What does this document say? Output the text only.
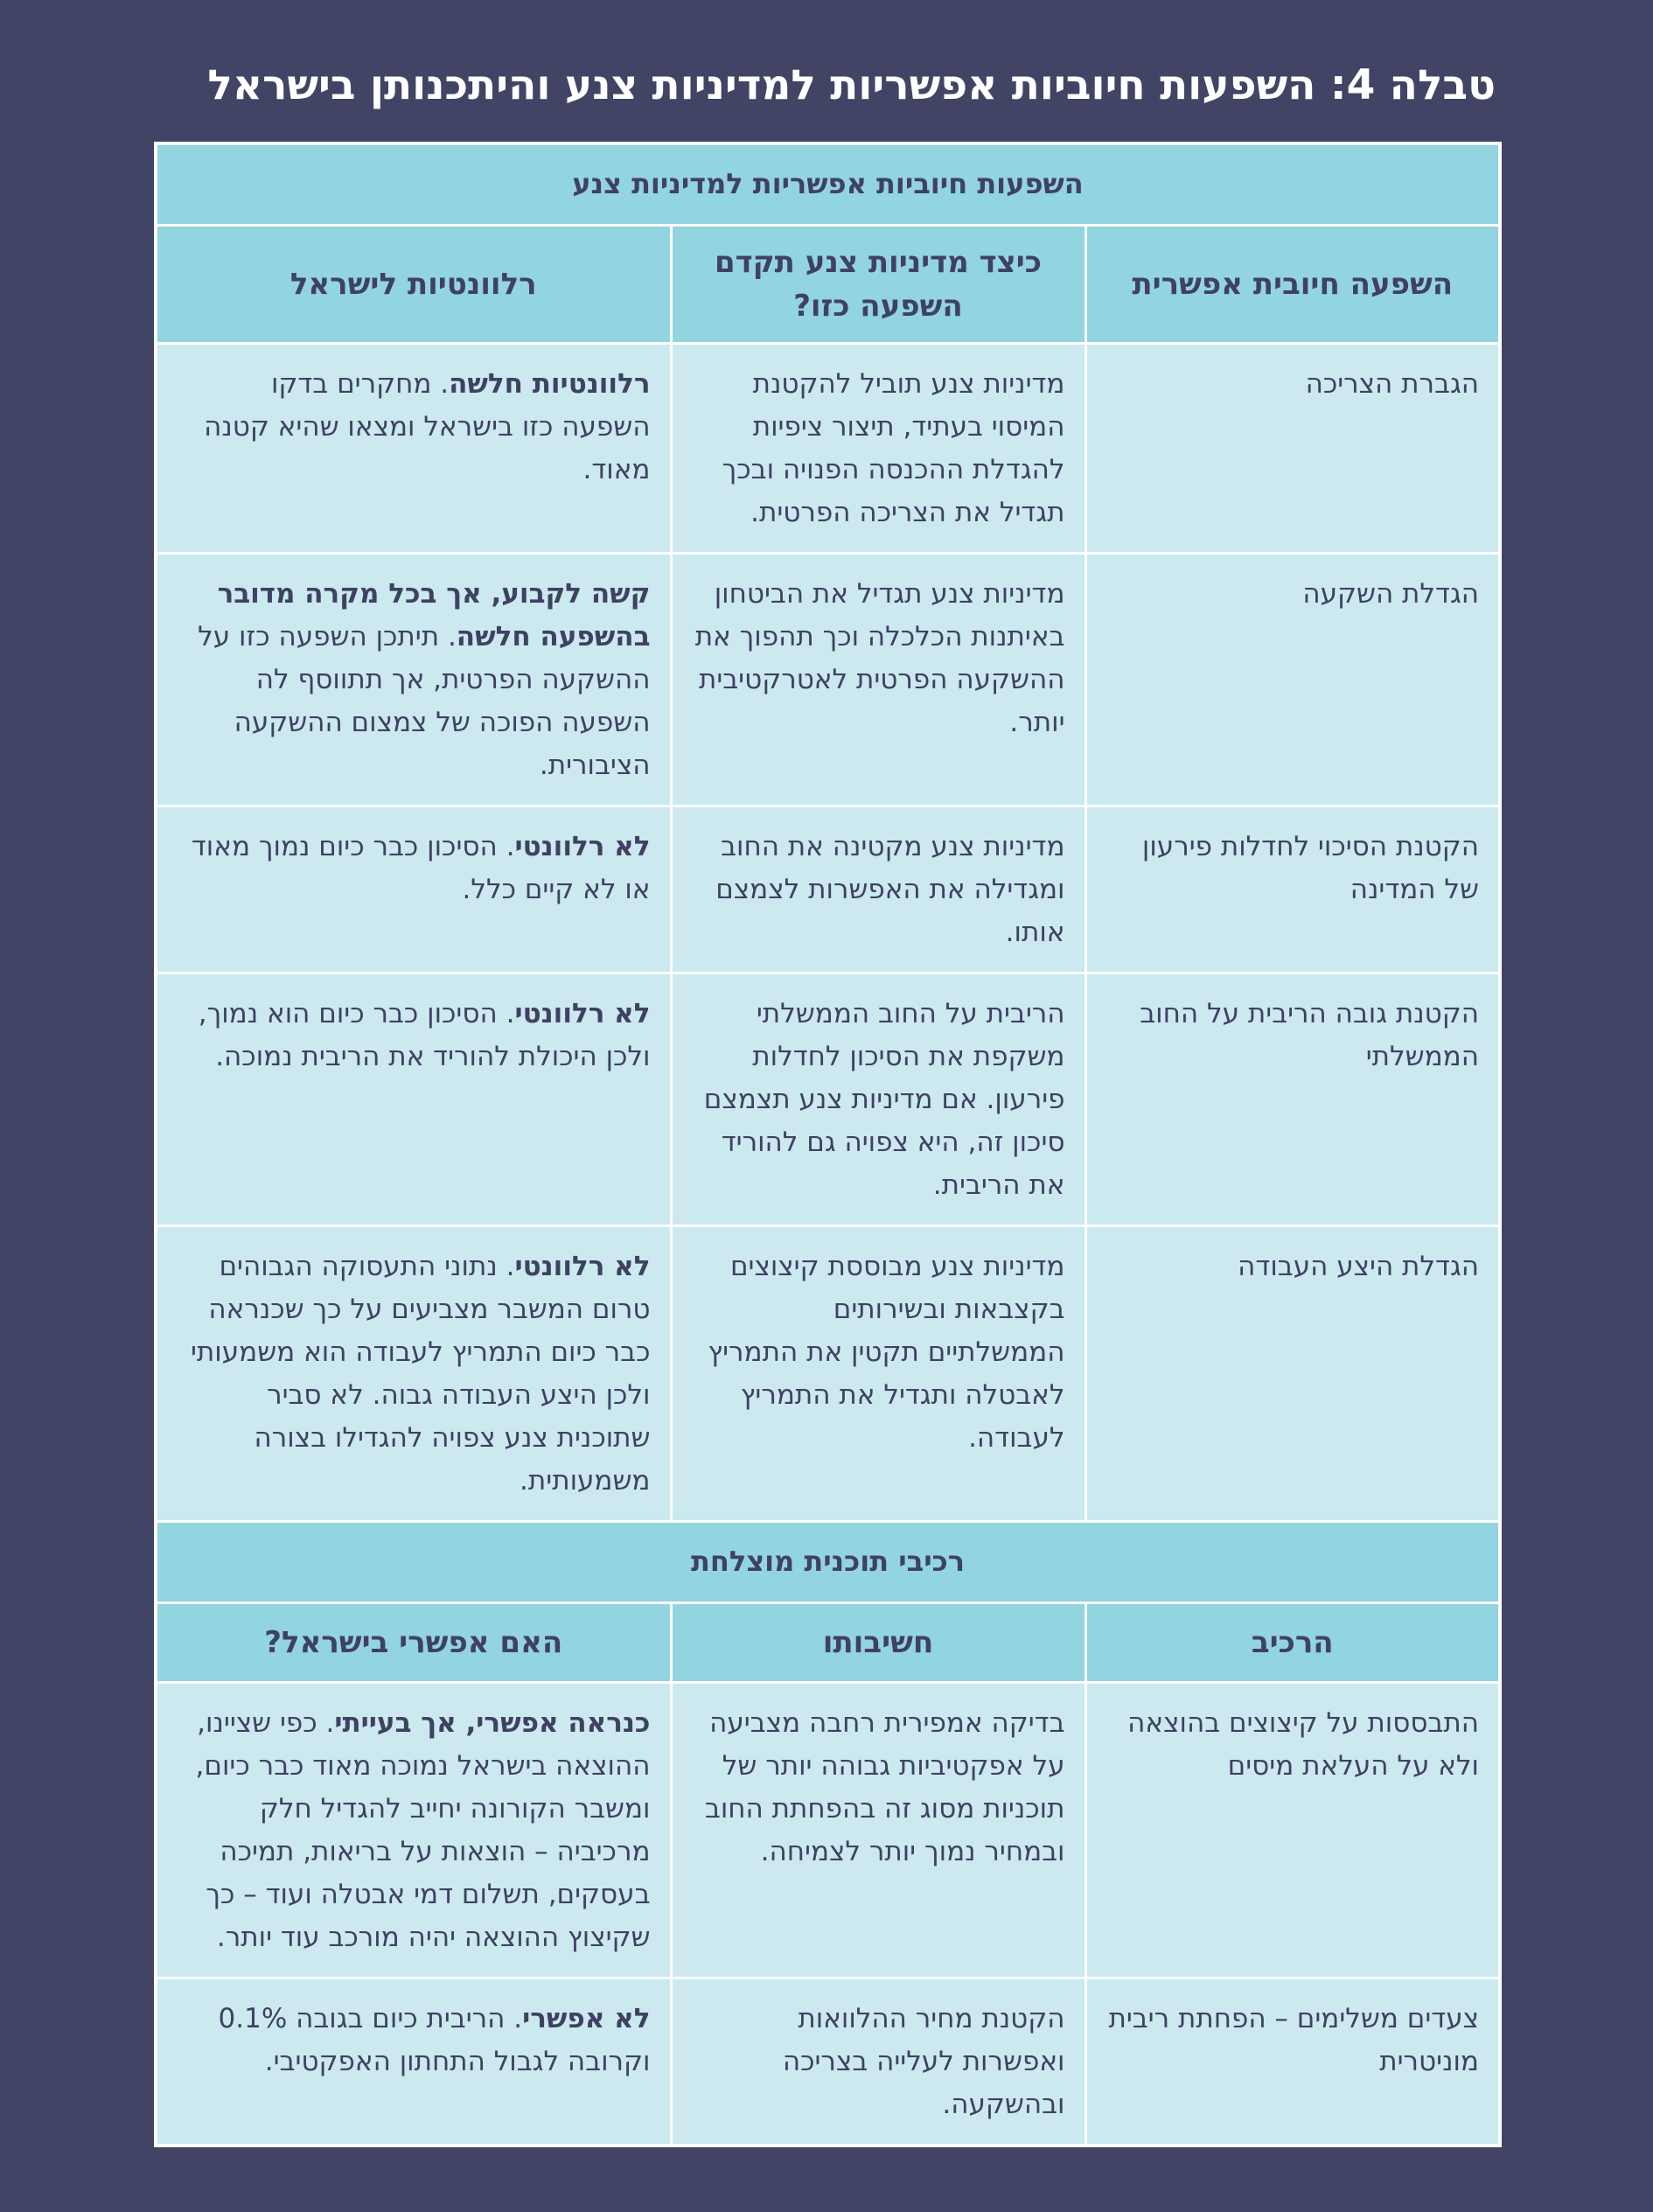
טבלה 4: השפעות חיוביות אפשריות למדיניות צנע והיתכנותן בישראל
השפעות חיוביות אפשריות למדיניות צנע		
השפעה חיובית אפשרית	כיצד מדיניות צנע תקדם השפעה כזו?	רלוונטיות לישראל
הגברת הצריכה	מדיניות צנע תוביל להקטנת המיסוי בעתיד, תיצור ציפיות להגדלת ההכנסה הפנויה ובכך תגדיל את הצריכה הפרטית.	רלוונטיות חלשה. מחקרים בדקו השפעה כזו בישראל ומצאו שהיא קטנה מאוד.
הגדלת השקעה	מדיניות צנע תגדיל את הביטחון באיתנות הכלכלה וכך תהפוך את ההשקעה הפרטית לאטרקטיבית יותר.	קשה לקבוע, אך בכל מקרה מדובר בהשפעה חלשה. תיתכן השפעה כזו על ההשקעה הפרטית, אך תתווסף לה השפעה הפוכה של צמצום ההשקעה הציבורית.
הקטנת הסיכוי לחדלות פירעון של המדינה	מדיניות צנע מקטינה את החוב ומגדילה את האפשרות לצמצם אותו.	לא רלוונטי. הסיכון כבר כיום נמוך מאוד או לא קיים כלל.
הקטנת גובה הריבית על החוב הממשלתי	הריבית על החוב הממשלתי משקפת את הסיכון לחדלות פירעון. אם מדיניות צנע תצמצם סיכון זה, היא צפויה גם להוריד את הריבית.	לא רלוונטי. הסיכון כבר כיום הוא נמוך, ולכן היכולת להוריד את הריבית נמוכה.
הגדלת היצע העבודה	מדיניות צנע מבוססת קיצוצים בקצבאות ובשירותים הממשלתיים תקטין את התמריץ לאבטלה ותגדיל את התמריץ לעבודה.	לא רלוונטי. נתוני התעסוקה הגבוהים טרום המשבר מצביעים על כך שכנראה כבר כיום התמריץ לעבודה הוא משמעותי ולכן היצע העבודה גבוה. לא סביר שתוכנית צנע צפויה להגדילו בצורה משמעותית.
רכיבי תוכנית מוצלחת		
הרכיב	חשיבותו	האם אפשרי בישראל?
התבססות על קיצוצים בהוצאה ולא על העלאת מיסים	בדיקה אמפירית רחבה מצביעה על אפקטיביות גבוהה יותר של תוכניות מסוג זה בהפחתת החוב ובמחיר נמוך יותר לצמיחה.	כנראה אפשרי, אך בעייתי. כפי שציינו, ההוצאה בישראל נמוכה מאוד כבר כיום, ומשבר הקורונה יחייב להגדיל חלק מרכיביה – הוצאות על בריאות, תמיכה בעסקים, תשלום דמי אבטלה ועוד – כך שקיצוץ ההוצאה יהיה מורכב עוד יותר.
צעדים משלימים – הפחתת ריבית מוניטרית	הקטנת מחיר ההלוואות ואפשרות לעלייה בצריכה ובהשקעה.	לא אפשרי. הריבית כיום בגובה 0.1% וקרובה לגבול התחתון האפקטיבי.
